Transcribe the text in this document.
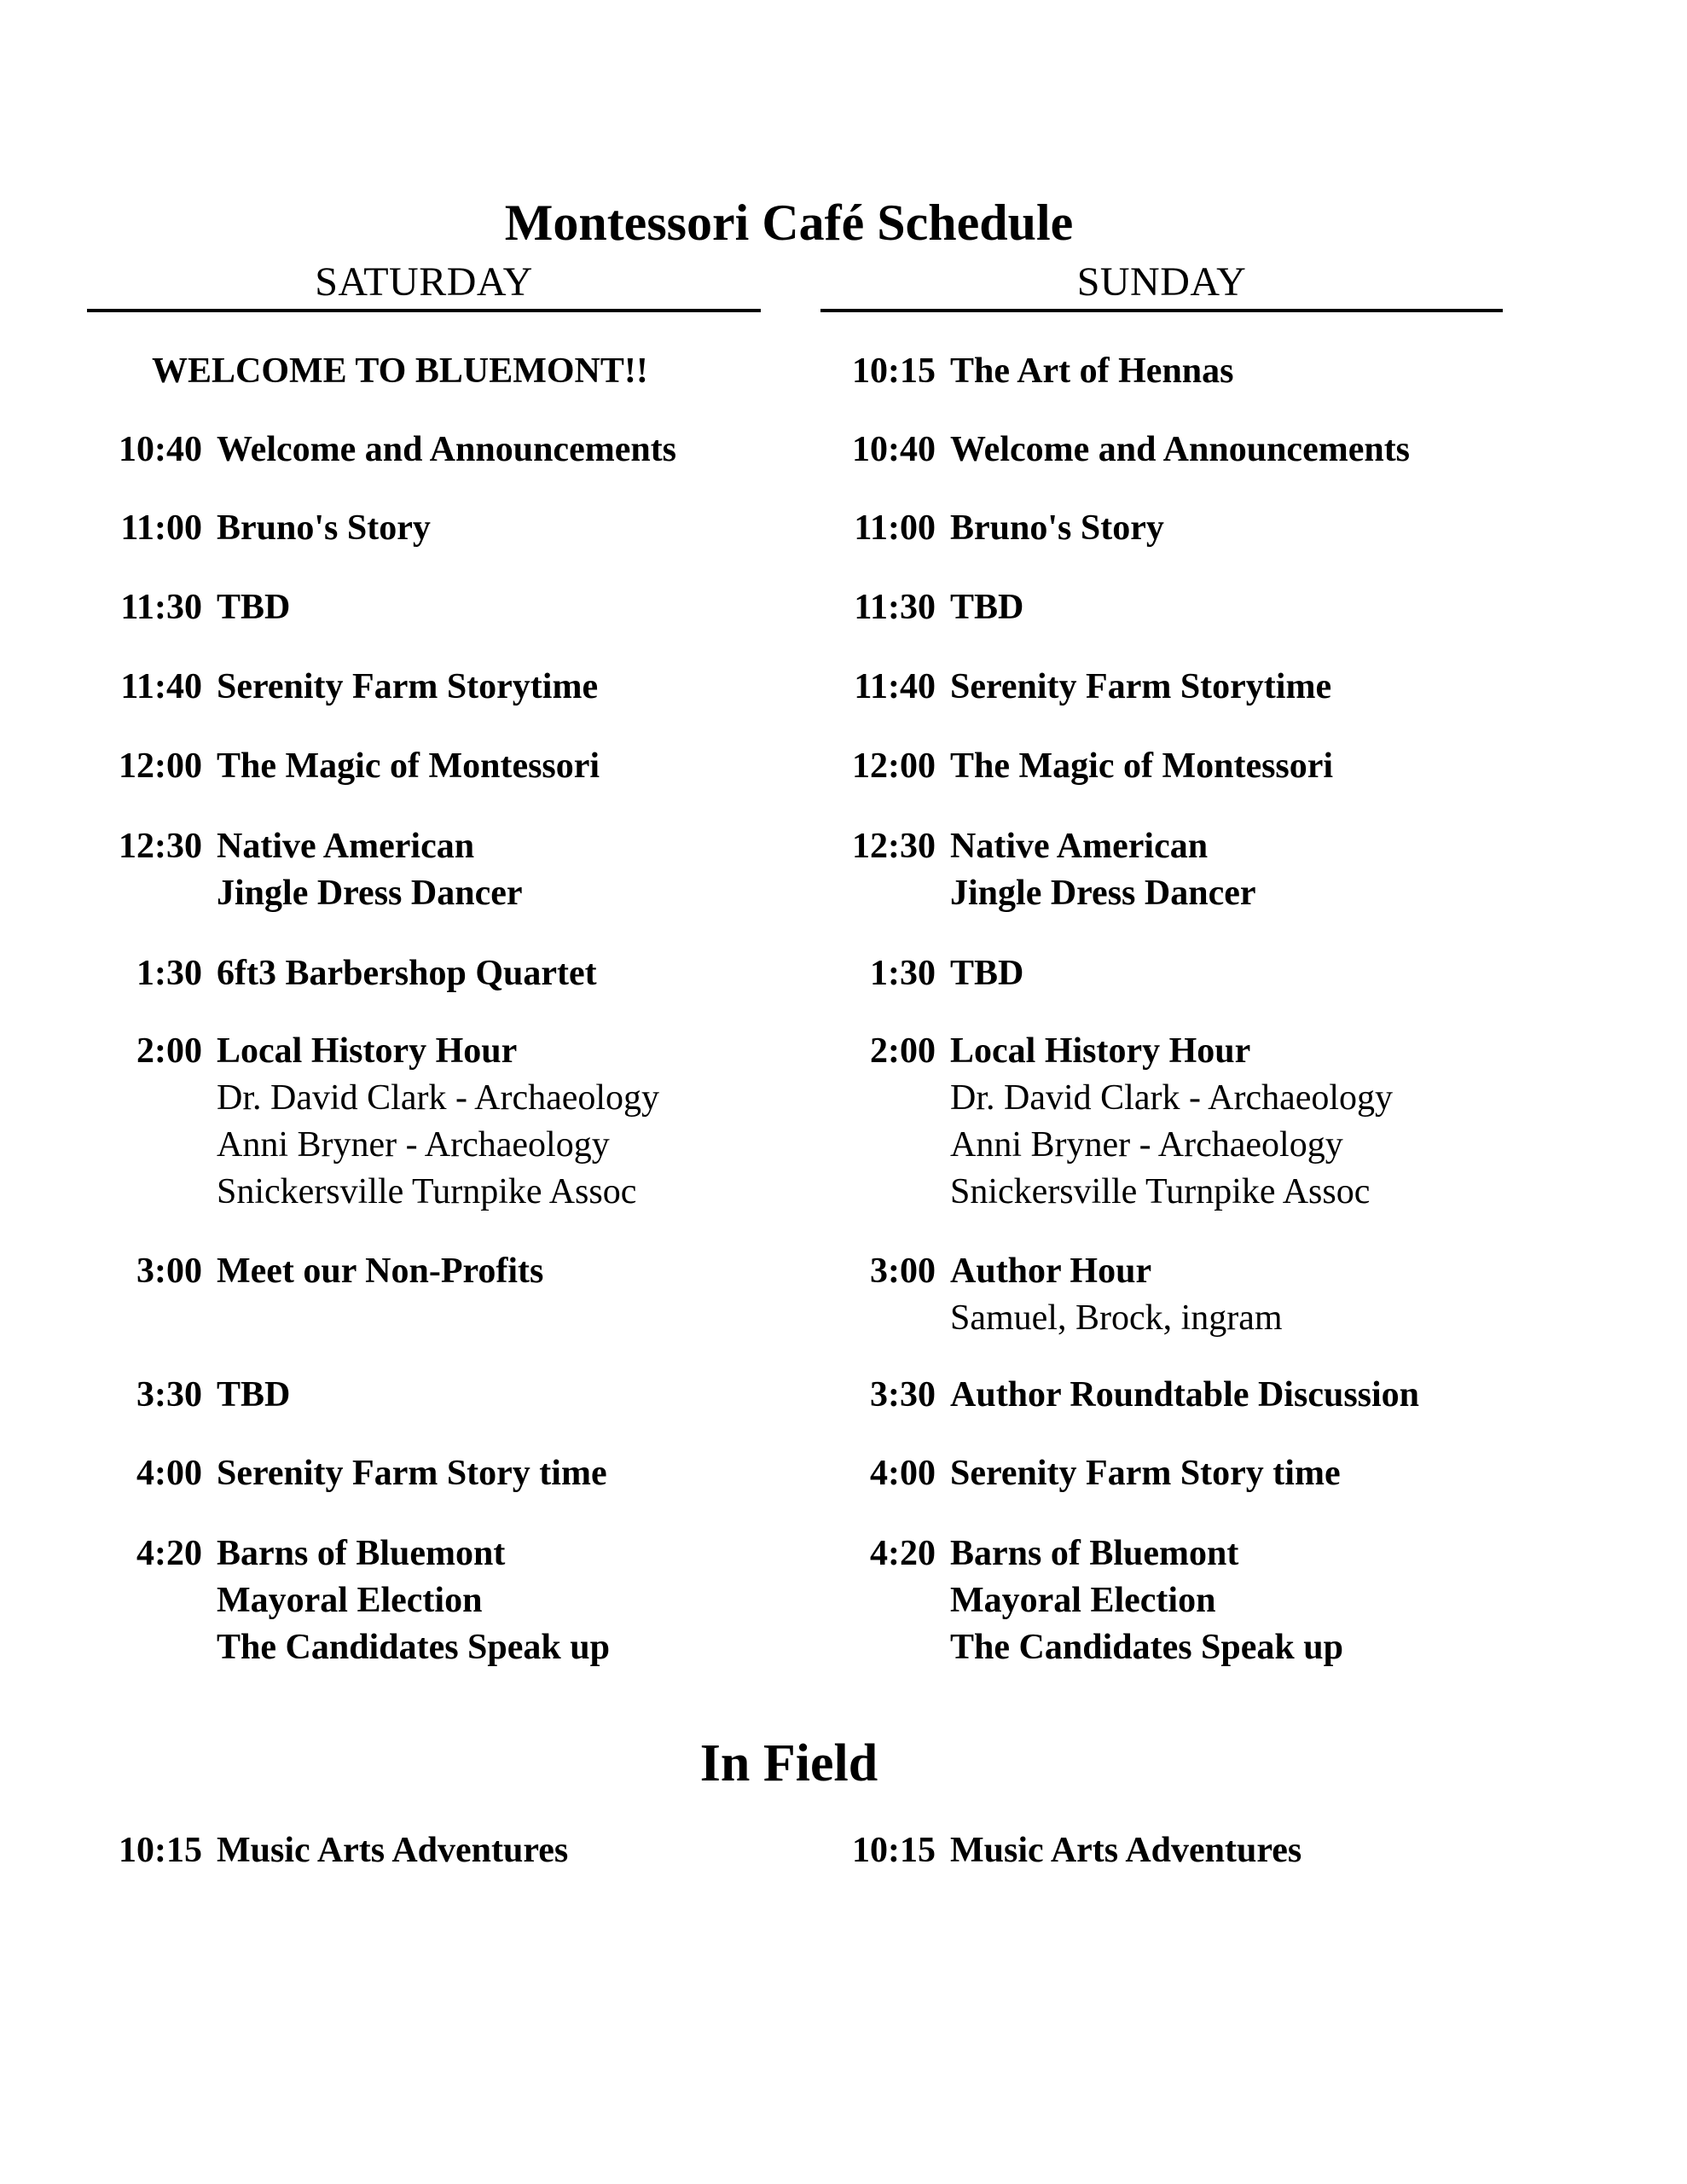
Montessori Café Schedule
SATURDAY
WELCOME TO BLUEMONT!!
10:40 Welcome and Announcements
11:00 Bruno's Story
11:30 TBD
11:40 Serenity Farm Storytime
12:00 The Magic of Montessori
12:30 Native American
Jingle Dress Dancer
1:30 6ft3 Barbershop Quartet
2:00 Local History Hour
Dr. David Clark - Archaeology
Anni Bryner - Archaeology
Snickersville Turnpike Assoc
3:00 Meet our Non-Profits
3:30 TBD
4:00 Serenity Farm Story time
4:20 Barns of Bluemont
Mayoral Election
The Candidates Speak up
SUNDAY
10:15 The Art of Hennas
10:40 Welcome and Announcements
11:00 Bruno's Story
11:30 TBD
11:40 Serenity Farm Storytime
12:00 The Magic of Montessori
12:30 Native American
Jingle Dress Dancer
1:30 TBD
2:00 Local History Hour
Dr. David Clark - Archaeology
Anni Bryner - Archaeology
Snickersville Turnpike Assoc
3:00 Author Hour
Samuel, Brock, ingram
3:30 Author Roundtable Discussion
4:00 Serenity Farm Story time
4:20 Barns of Bluemont
Mayoral Election
The Candidates Speak up
In Field
10:15 Music Arts Adventures	10:15 Music Arts Adventures
